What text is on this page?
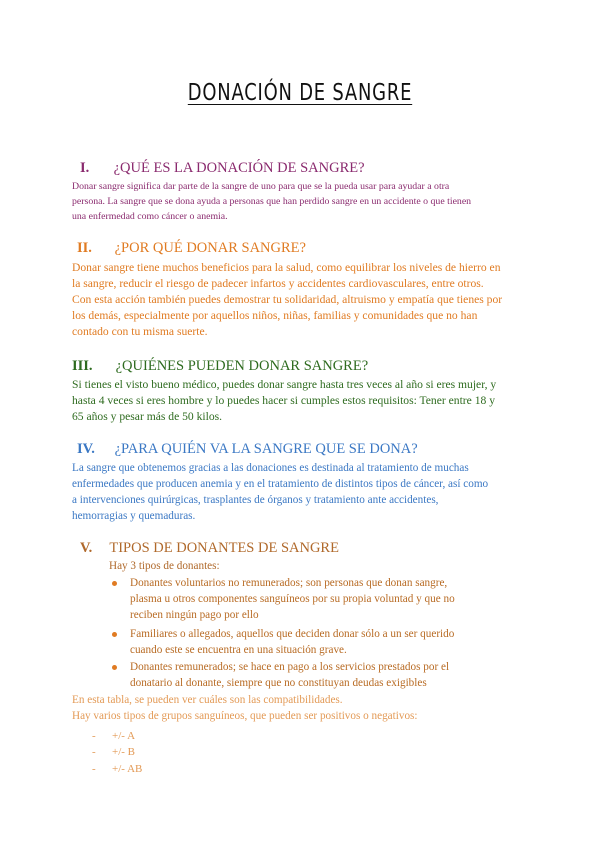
DONACIÓN DE SANGRE
I. ¿QUÉ ES LA DONACIÓN DE SANGRE?
Donar sangre significa dar parte de la sangre de uno para que se la pueda usar para ayudar a otra
persona. La sangre que se dona ayuda a personas que han perdido sangre en un accidente o que tienen
una enfermedad como cáncer o anemia.
II. ¿POR QUÉ DONAR SANGRE?
Donar sangre tiene muchos beneficios para la salud, como equilibrar los niveles de hierro en
la sangre, reducir el riesgo de padecer infartos y accidentes cardiovasculares, entre otros.
Con esta acción también puedes demostrar tu solidaridad, altruismo y empatía que tienes por
los demás, especialmente por aquellos niños, niñas, familias y comunidades que no han
contado con tu misma suerte.
III. ¿QUIÉNES PUEDEN DONAR SANGRE?
Si tienes el visto bueno médico, puedes donar sangre hasta tres veces al año si eres mujer, y
hasta 4 veces si eres hombre y lo puedes hacer si cumples estos requisitos: Tener entre 18 y
65 años y pesar más de 50 kilos.
IV. ¿PARA QUIÉN VA LA SANGRE QUE SE DONA?
La sangre que obtenemos gracias a las donaciones es destinada al tratamiento de muchas
enfermedades que producen anemia y en el tratamiento de distintos tipos de cáncer, así como
a intervenciones quirúrgicas, trasplantes de órganos y tratamiento ante accidentes,
hemorragias y quemaduras.
V. TIPOS DE DONANTES DE SANGRE
Hay 3 tipos de donantes:
Donantes voluntarios no remunerados; son personas que donan sangre,
plasma u otros componentes sanguíneos por su propia voluntad y que no
reciben ningún pago por ello
Familiares o allegados, aquellos que deciden donar sólo a un ser querido
cuando este se encuentra en una situación grave.
Donantes remunerados; se hace en pago a los servicios prestados por el
donatario al donante, siempre que no constituyan deudas exigibles
En esta tabla, se pueden ver cuáles son las compatibilidades.
Hay varios tipos de grupos sanguíneos, que pueden ser positivos o negativos:
- +/- A
- +/- B
- +/- AB
